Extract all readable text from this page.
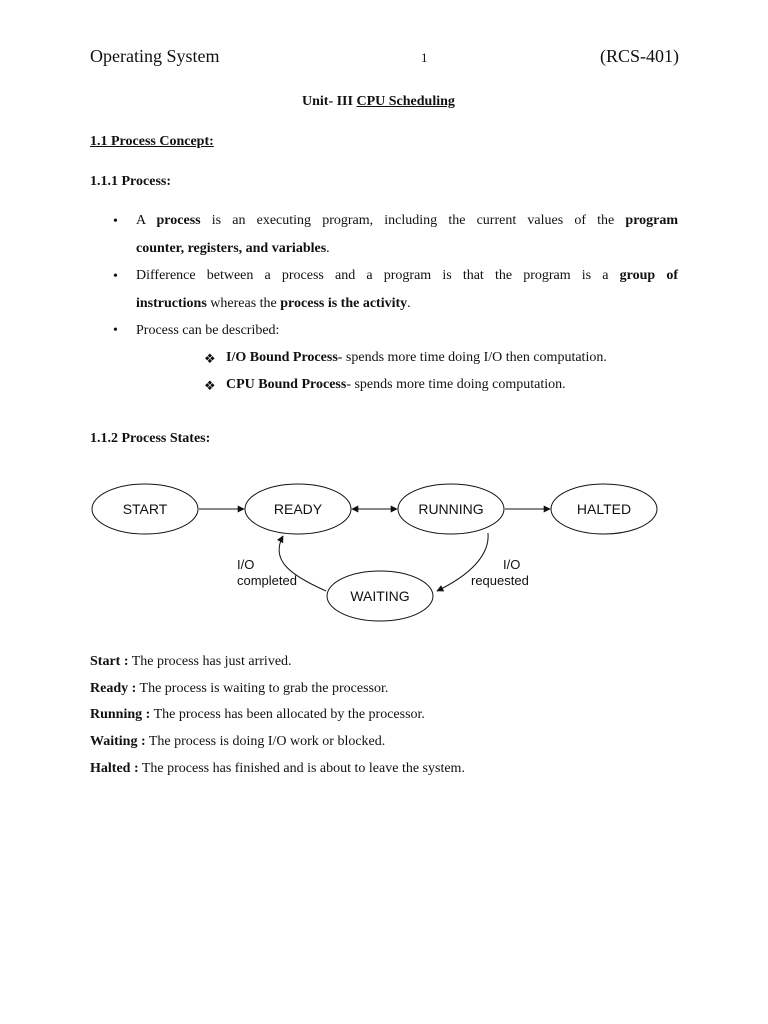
Operating System	1	(RCS-401)
Unit- III CPU Scheduling
1.1 Process Concept:
1.1.1 Process:
• A process is an executing program, including the current values of the program
counter, registers, and variables.
• Difference between a process and a program is that the program is a group of
instructions whereas the process is the activity.
• Process can be described:
❖ I/O Bound Process- spends more time doing I/O then computation.
❖ CPU Bound Process- spends more time doing computation.
1.1.2 Process States:
START	READY	RUNNING	HALTED
WAITING
I/O
completed
I/O
requested
Start : The process has just arrived.
Ready : The process is waiting to grab the processor.
Running : The process has been allocated by the processor.
Waiting : The process is doing I/O work or blocked.
Halted : The process has finished and is about to leave the system.
